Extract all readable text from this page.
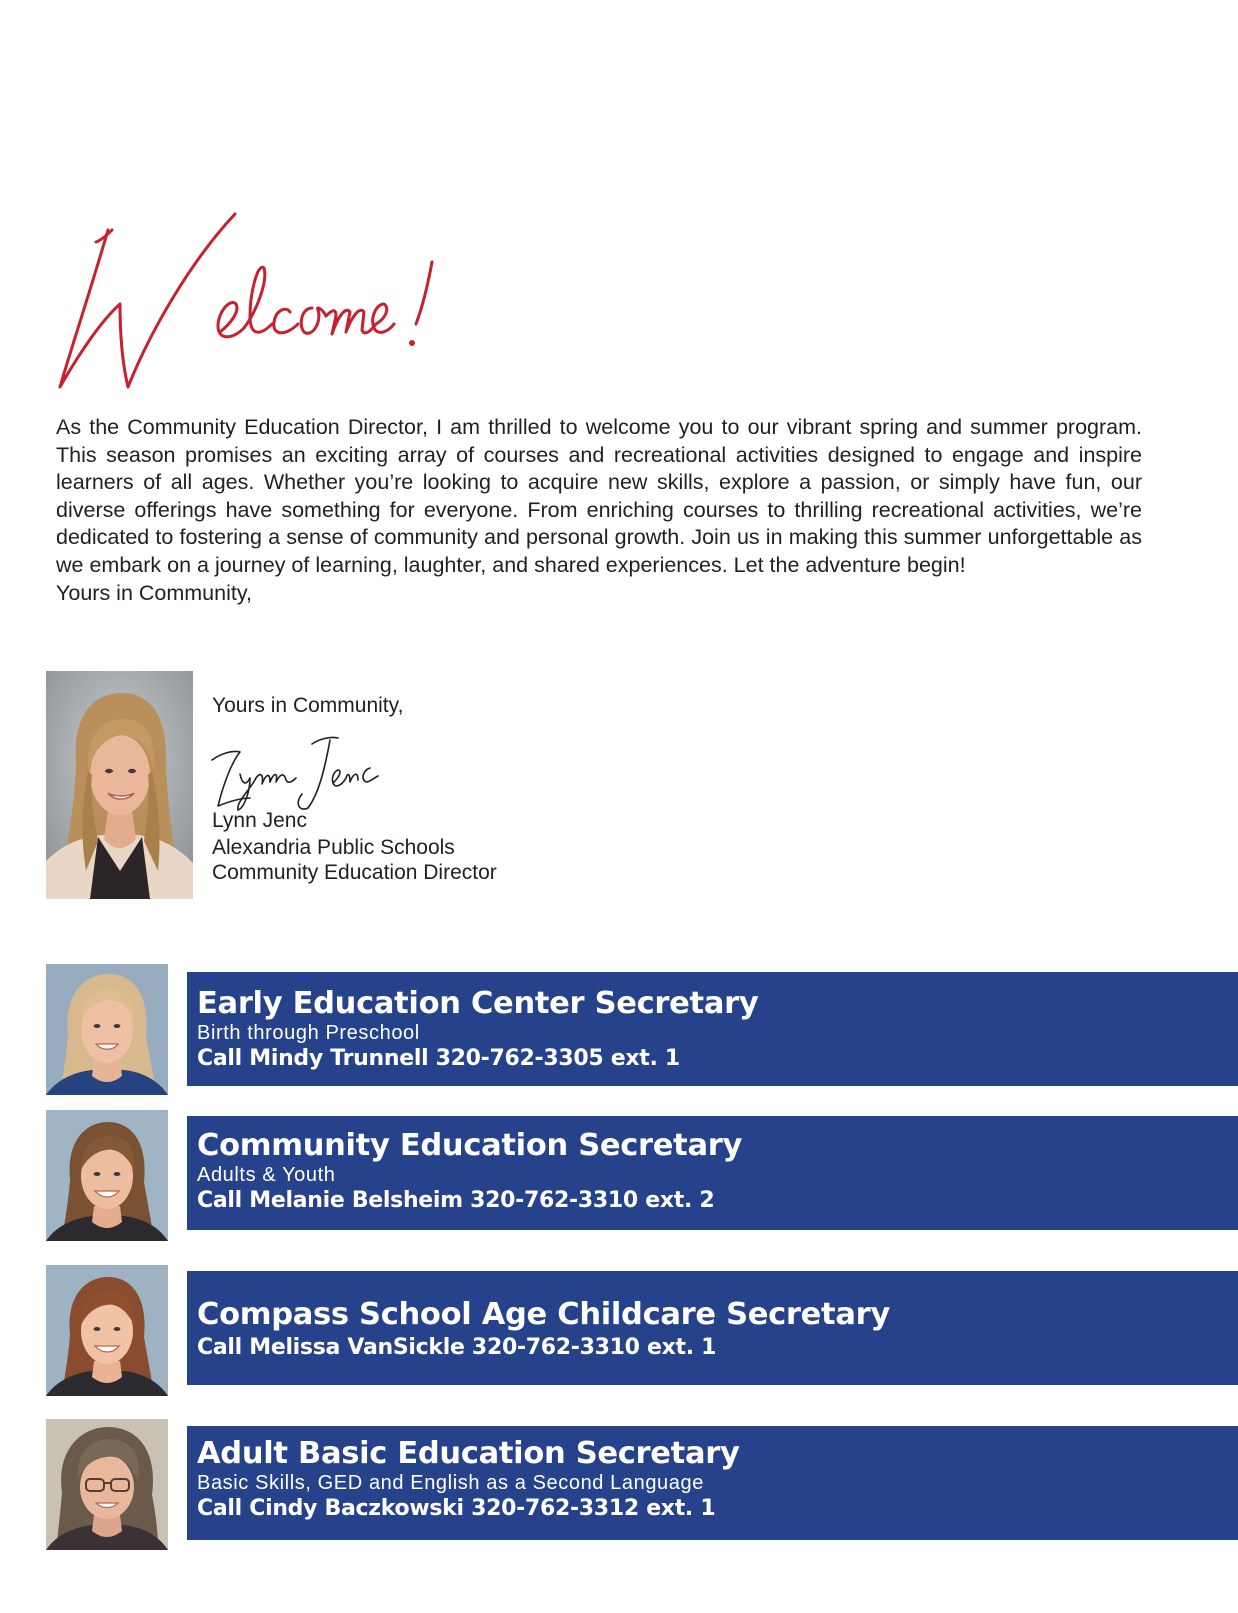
As the Community Education Director, I am thrilled to welcome you to our vibrant spring and summer program. This season promises an exciting array of courses and recreational activities designed to engage and inspire learners of all ages. Whether you’re looking to acquire new skills, explore a passion, or simply have fun, our diverse offerings have something for everyone. From enriching courses to thrilling recreational activities, we’re dedicated to fostering a sense of community and personal growth. Join us in making this summer unforgettable as we embark on a journey of learning, laughter, and shared experiences. Let the adventure begin!

Yours in Community,

Yours in Community,
Lynn Jenc
Alexandria Public Schools
Community Education Director
Early Education Center Secretary
Birth through Preschool
Call Mindy Trunnell 320-762-3305 ext. 1
Community Education Secretary
Adults & Youth
Call Melanie Belsheim 320-762-3310 ext. 2
Compass School Age Childcare Secretary
Call Melissa VanSickle 320-762-3310 ext. 1
Adult Basic Education Secretary
Basic Skills, GED and English as a Second Language
Call Cindy Baczkowski 320-762-3312 ext. 1
